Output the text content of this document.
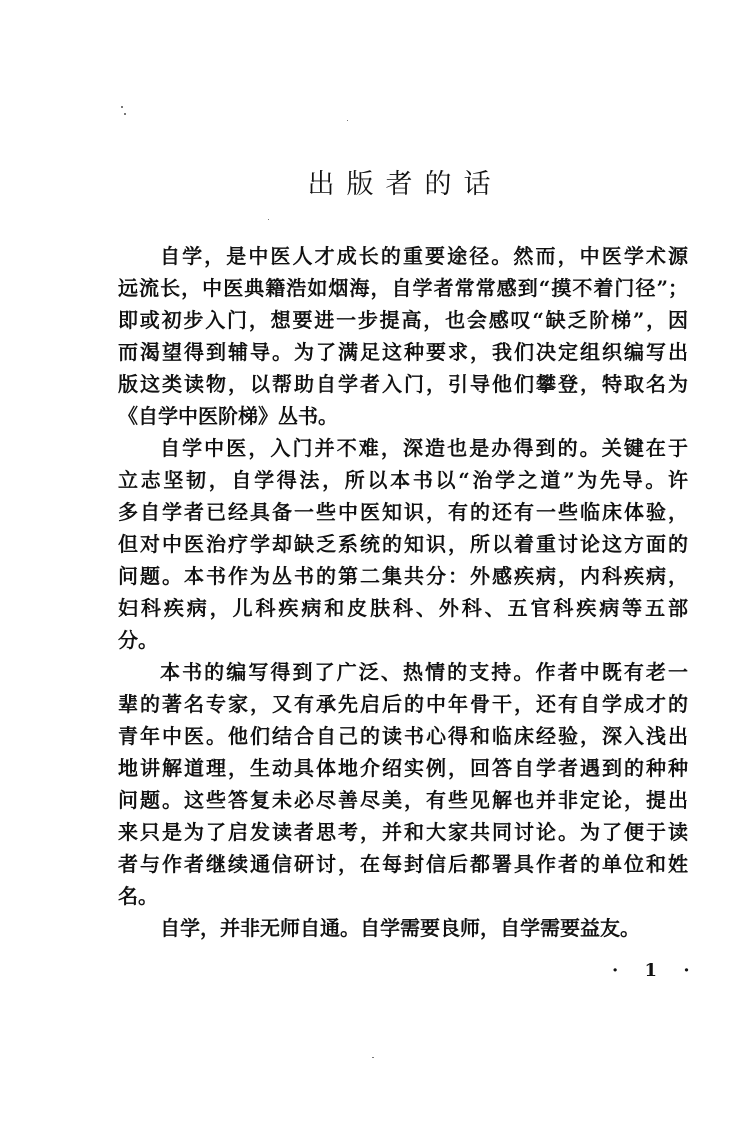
出版者的话
自学，是中医人才成长的重要途径。然而，中医学术源
远流长，中医典籍浩如烟海，自学者常常感到“摸不着门径”；
即或初步入门，想要进一步提高，也会感叹“缺乏阶梯”，因
而渴望得到辅导。为了满足这种要求，我们决定组织编写出
版这类读物，以帮助自学者入门，引导他们攀登，特取名为
《自学中医阶梯》丛书。
自学中医，入门并不难，深造也是办得到的。关键在于
立志坚韧，自学得法，所以本书以“治学之道”为先导。许
多自学者已经具备一些中医知识，有的还有一些临床体验，
但对中医治疗学却缺乏系统的知识，所以着重讨论这方面的
问题。本书作为丛书的第二集共分：外感疾病，内科疾病，
妇科疾病，儿科疾病和皮肤科、外科、五官科疾病等五部
分。
本书的编写得到了广泛、热情的支持。作者中既有老一
辈的著名专家，又有承先启后的中年骨干，还有自学成才的
青年中医。他们结合自己的读书心得和临床经验，深入浅出
地讲解道理，生动具体地介绍实例，回答自学者遇到的种种
问题。这些答复未必尽善尽美，有些见解也并非定论，提出
来只是为了启发读者思考，并和大家共同讨论。为了便于读
者与作者继续通信研讨，在每封信后都署具作者的单位和姓
名。
自学，并非无师自通。自学需要良师，自学需要益友。
· 1 ·
